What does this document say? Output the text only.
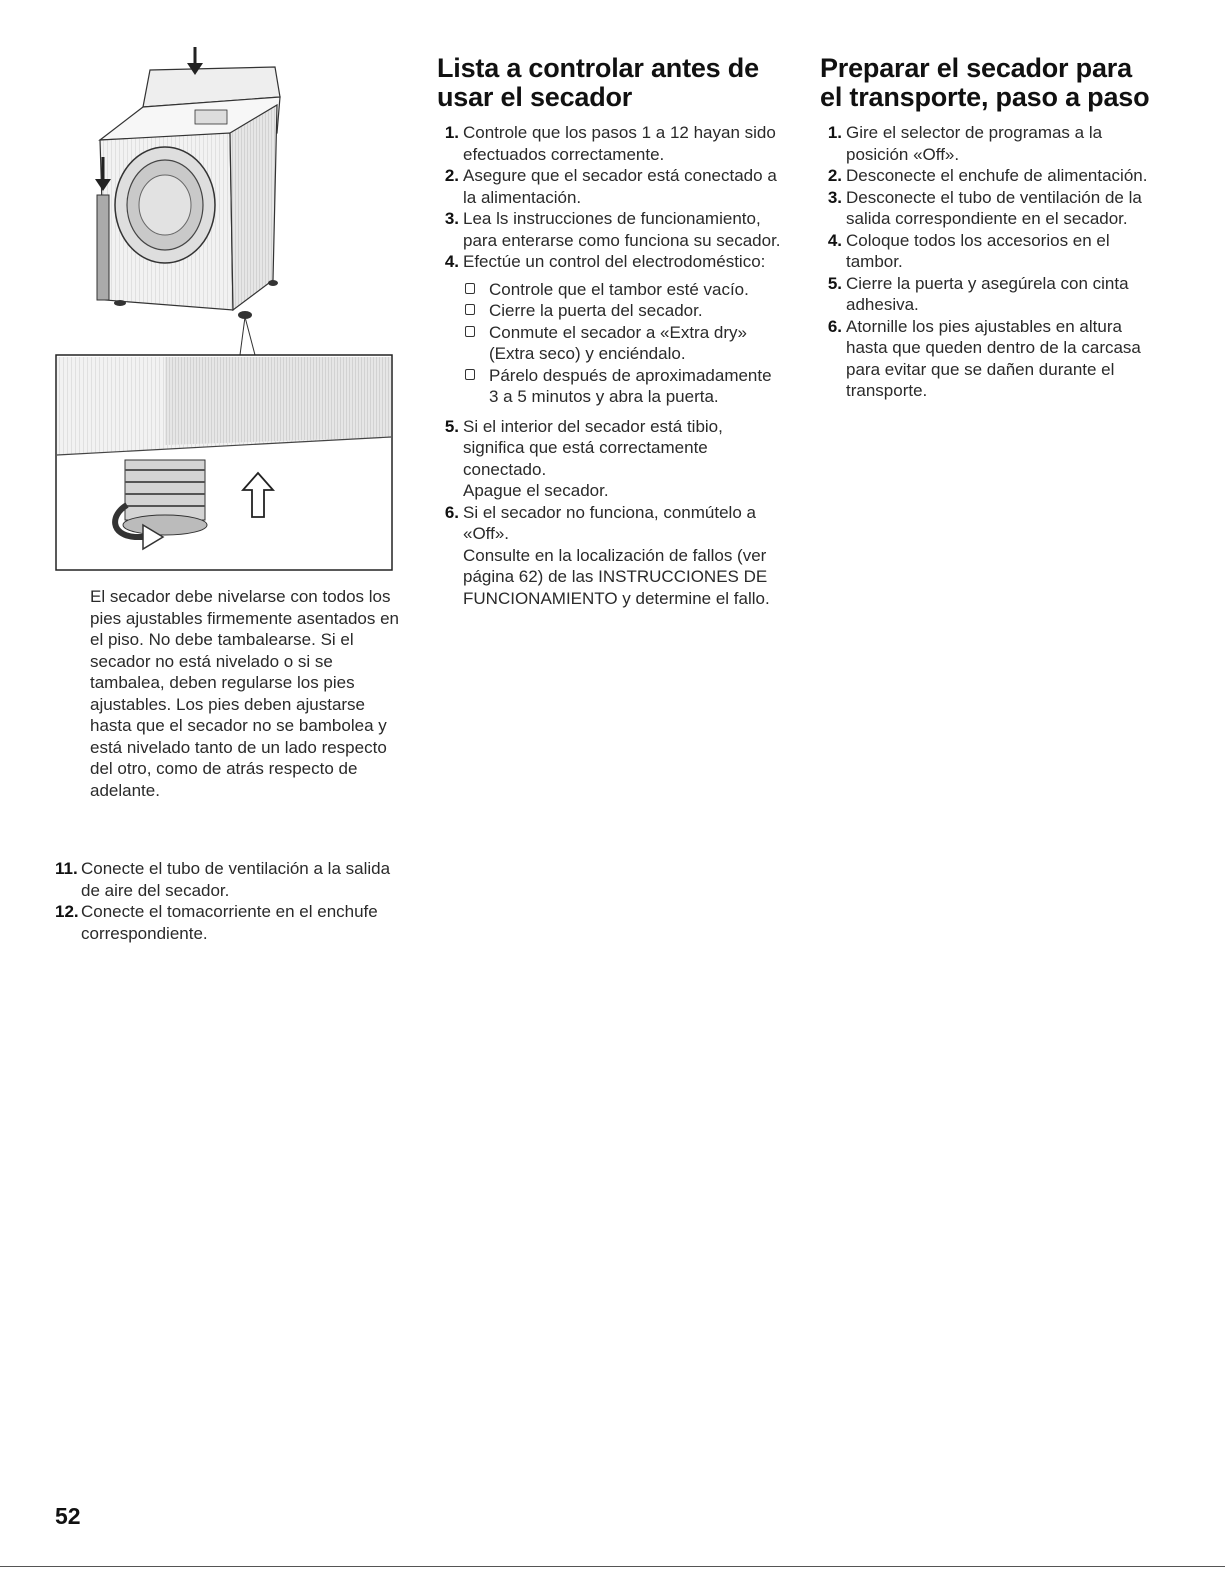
El secador debe nivelarse con todos los pies ajustables firmemente asentados en el piso. No debe tambalearse. Si el secador no está nivelado o si se tambalea, deben regularse los pies ajustables. Los pies deben ajustarse hasta que el secador no se bambolea y está nivelado tanto de un lado respecto del otro, como de atrás respecto de adelante.
11. Conecte el tubo de ventilación a la salida de aire del secador.
12. Conecte el tomacorriente en el enchufe correspondiente.
Lista a controlar antes de
usar el secador
1. Controle que los pasos 1 a 12 hayan sido efectuados correctamente.
2. Asegure que el secador está conectado a la alimentación.
3. Lea ls instrucciones de funcionamiento, para enterarse como funciona su secador.
4. Efectúe un control del electrodoméstico:
Controle que el tambor esté vacío.
Cierre la puerta del secador.
Conmute el secador a «Extra dry» (Extra seco) y enciéndalo.
Párelo después de aproximadamente 3 a 5 minutos y abra la puerta.
5. Si el interior del secador está tibio, significa que está correctamente conectado.
Apague el secador.
6. Si el secador no funciona, conmútelo a «Off».
Consulte en la localización de fallos (ver página 62) de las INSTRUCCIONES DE FUNCIONAMIENTO y determine el fallo.
Preparar el secador para
el transporte, paso a paso
1. Gire el selector de programas a la posición «Off».
2. Desconecte el enchufe de alimentación.
3. Desconecte el tubo de ventilación de la salida correspondiente en el secador.
4. Coloque todos los accesorios en el tambor.
5. Cierre la puerta y asegúrela con cinta adhesiva.
6. Atornille los pies ajustables en altura hasta que queden dentro de la carcasa para evitar que se dañen durante el transporte.
52
